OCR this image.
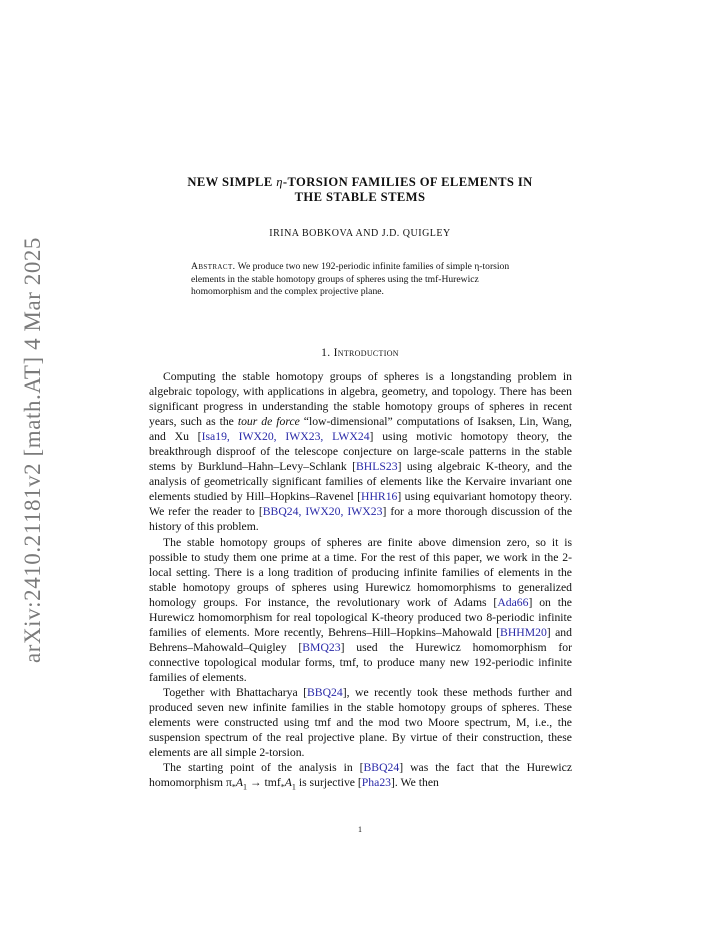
arXiv:2410.21181v2 [math.AT] 4 Mar 2025
NEW SIMPLE η-TORSION FAMILIES OF ELEMENTS IN
THE STABLE STEMS
IRINA BOBKOVA AND J.D. QUIGLEY
Abstract. We produce two new 192-periodic infinite families of simple η-torsion elements in the stable homotopy groups of spheres using the tmf-Hurewicz homomorphism and the complex projective plane.
1. Introduction

Computing the stable homotopy groups of spheres is a longstanding problem in algebraic topology, with applications in algebra, geometry, and topology. There has been significant progress in understanding the stable homotopy groups of spheres in recent years, such as the tour de force “low-dimensional” computations of Isaksen, Lin, Wang, and Xu [Isa19, IWX20, IWX23, LWX24] using motivic homotopy theory, the breakthrough disproof of the telescope conjecture on large-scale patterns in the stable stems by Burklund–Hahn–Levy–Schlank [BHLS23] using algebraic K-theory, and the analysis of geometrically significant families of elements like the Kervaire invariant one elements studied by Hill–Hopkins–Ravenel [HHR16] using equivariant homotopy theory. We refer the reader to [BBQ24, IWX20, IWX23] for a more thorough discussion of the history of this problem.

The stable homotopy groups of spheres are finite above dimension zero, so it is possible to study them one prime at a time. For the rest of this paper, we work in the 2-local setting. There is a long tradition of producing infinite families of elements in the stable homotopy groups of spheres using Hurewicz homomorphisms to generalized homology groups. For instance, the revolutionary work of Adams [Ada66] on the Hurewicz homomorphism for real topological K-theory produced two 8-periodic infinite families of elements. More recently, Behrens–Hill–Hopkins–Mahowald [BHHM20] and Behrens–Mahowald–Quigley [BMQ23] used the Hurewicz homomorphism for connective topological modular forms, tmf, to produce many new 192-periodic infinite families of elements.

Together with Bhattacharya [BBQ24], we recently took these methods further and produced seven new infinite families in the stable homotopy groups of spheres. These elements were constructed using tmf and the mod two Moore spectrum, M, i.e., the suspension spectrum of the real projective plane. By virtue of their construction, these elements are all simple 2-torsion.

The starting point of the analysis in [BBQ24] was the fact that the Hurewicz homomorphism $\pi_*A_1 \to tmf_*A_1$ is surjective [Pha23]. We then

1
